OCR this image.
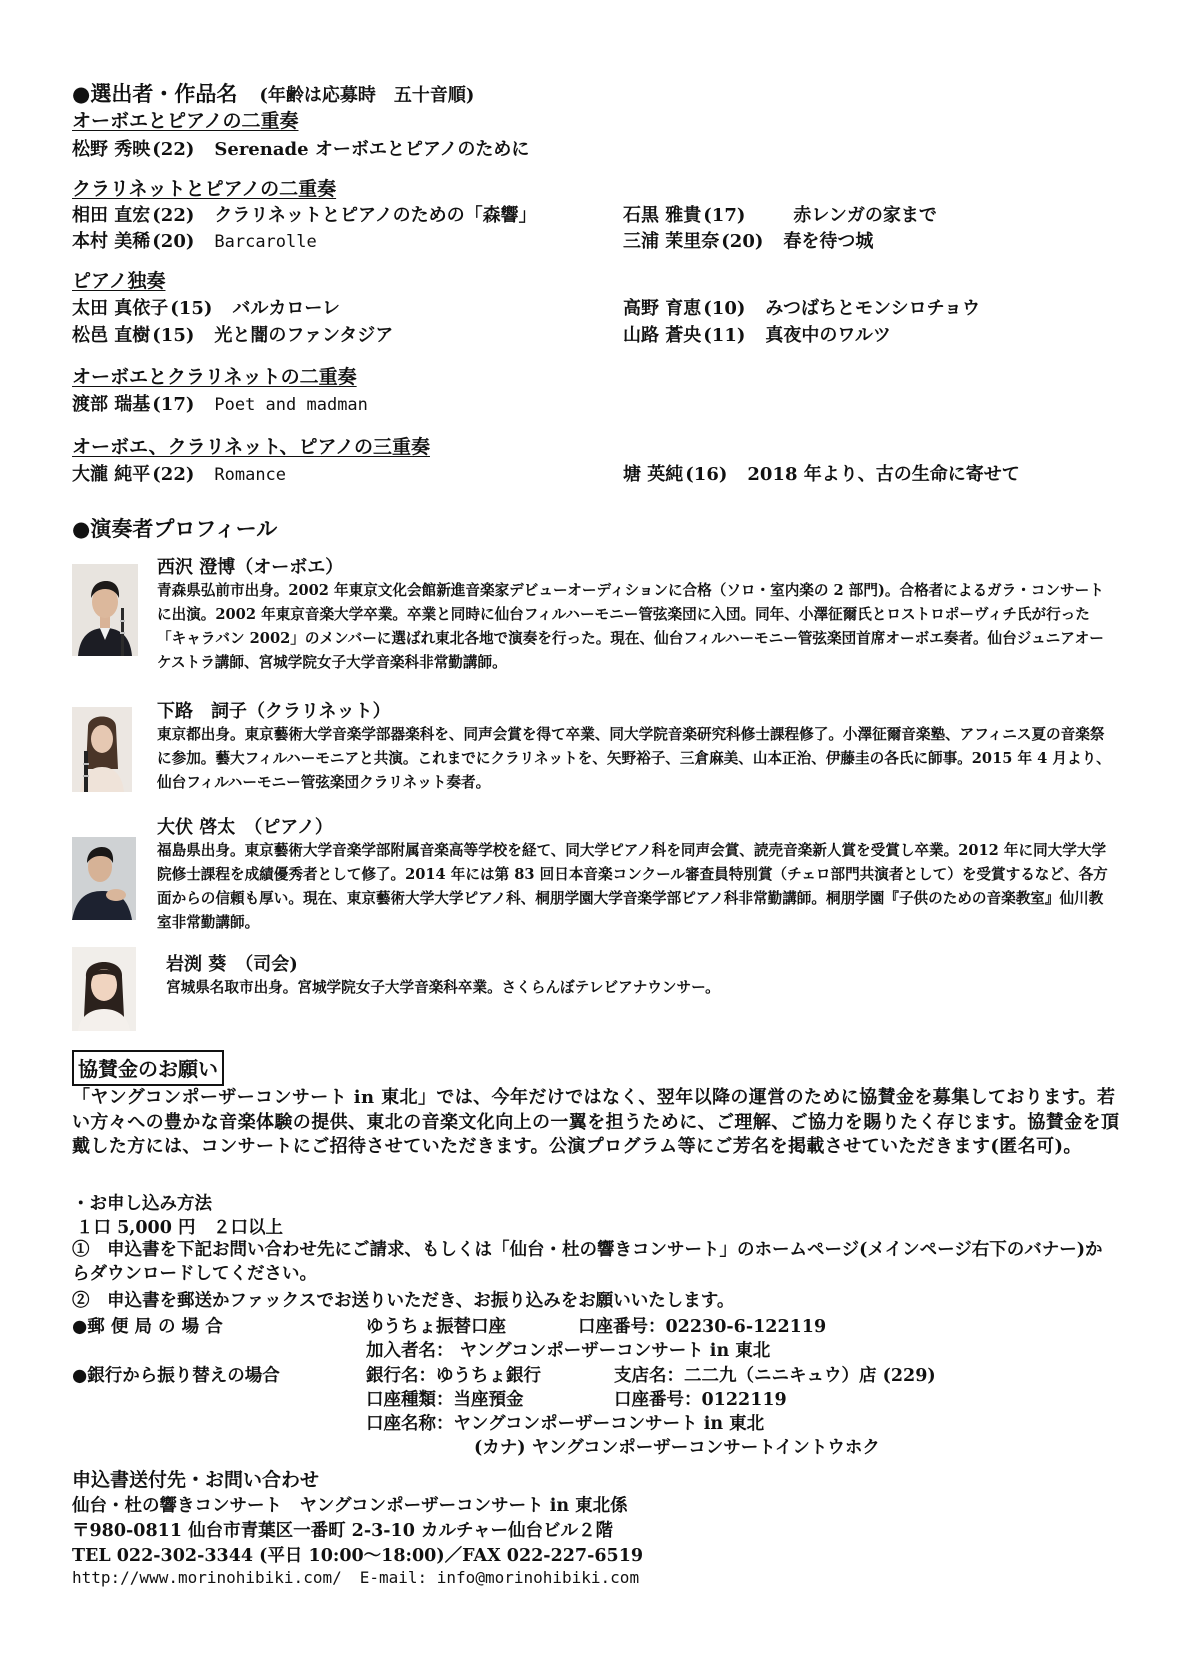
●選出者・作品名 (年齢は応募時　五十音順)
オーボエとピアノの二重奏
松野 秀映 (22) Serenade オーボエとピアノのために
クラリネットとピアノの二重奏
相田 直宏 (22) クラリネットとピアノのための「森響」	石黒 雅貴 (17)	赤レンガの家まで
本村 美稀 (20) Barcarolle	三浦 茉里奈 (20) 春を待つ城
ピアノ独奏
太田 真依子 (15) バルカローレ	高野 育恵 (10) みつばちとモンシロチョウ
松邑 直樹 (15) 光と闇のファンタジア	山路 蒼央 (11) 真夜中のワルツ
オーボエとクラリネットの二重奏
渡部 瑞基 (17) Poet and madman
オーボエ、クラリネット、ピアノの三重奏
大瀧 純平 (22) Romance	塘 英純 (16) 2018 年より、古の生命に寄せて
●演奏者プロフィール
西沢 澄博（オーボエ）
青森県弘前市出身。2002 年東京文化会館新進音楽家デビューオーディションに合格（ソロ・室内楽の 2 部門)。合格者によるガラ・コンサートに出演。2002 年東京音楽大学卒業。卒業と同時に仙台フィルハーモニー管弦楽団に入団。同年、小澤征爾氏とロストロポーヴィチ氏が行った「キャラバン 2002」のメンバーに選ばれ東北各地で演奏を行った。現在、仙台フィルハーモニー管弦楽団首席オーボエ奏者。仙台ジュニアオーケストラ講師、宮城学院女子大学音楽科非常勤講師。
下路　詞子（クラリネット）
東京都出身。東京藝術大学音楽学部器楽科を、同声会賞を得て卒業、同大学院音楽研究科修士課程修了。小澤征爾音楽塾、アフィニス夏の音楽祭に参加。藝大フィルハーモニアと共演。これまでにクラリネットを、矢野裕子、三倉麻美、山本正治、伊藤圭の各氏に師事。2015 年 4 月より、仙台フィルハーモニー管弦楽団クラリネット奏者。
大伏 啓太　（ピアノ）
福島県出身。東京藝術大学音楽学部附属音楽高等学校を経て、同大学ピアノ科を同声会賞、読売音楽新人賞を受賞し卒業。2012 年に同大学大学院修士課程を成績優秀者として修了。2014 年には第 83 回日本音楽コンクール審査員特別賞（チェロ部門共演者として）を受賞するなど、各方面からの信頼も厚い。現在、東京藝術大学大学ピアノ科、桐朋学園大学音楽学部ピアノ科非常勤講師。桐朋学園『子供のための音楽教室』仙川教室非常勤講師。
岩渕 葵　（司会)
宮城県名取市出身。宮城学院女子大学音楽科卒業。さくらんぼテレビアナウンサー。
協賛金のお願い
「ヤングコンポーザーコンサート in 東北」では、今年だけではなく、翌年以降の運営のために協賛金を募集しております。若い方々への豊かな音楽体験の提供、東北の音楽文化向上の一翼を担うために、ご理解、ご協力を賜りたく存じます。協賛金を頂戴した方には、コンサートにご招待させていただきます。公演プログラム等にご芳名を掲載させていただきます(匿名可)。
・お申し込み方法
１口 5,000 円　２口以上
①　申込書を下記お問い合わせ先にご請求、もしくは「仙台・杜の響きコンサート」のホームページ(メインページ右下のバナー)からダウンロードしてください。
②　申込書を郵送かファックスでお送りいただき、お振り込みをお願いいたします。
●郵 便 局 の 場 合	ゆうちょ振替口座	口座番号：02230-6-122119
加入者名： ヤングコンポーザーコンサート in 東北
●銀行から振り替えの場合	銀行名：ゆうちょ銀行	支店名：二二九（ニニキュウ）店 (229)
口座種類：当座預金	口座番号：0122119
口座名称：ヤングコンポーザーコンサート in 東北
(カナ) ヤングコンポーザーコンサートイントウホク
申込書送付先・お問い合わせ
仙台・杜の響きコンサート　ヤングコンポーザーコンサート in 東北係
〒980-0811 仙台市青葉区一番町 2-3-10 カルチャー仙台ビル２階
TEL 022-302-3344 (平日 10:00～18:00)／FAX 022-227-6519
http://www.morinohibiki.com/ E-mail: info@morinohibiki.com
